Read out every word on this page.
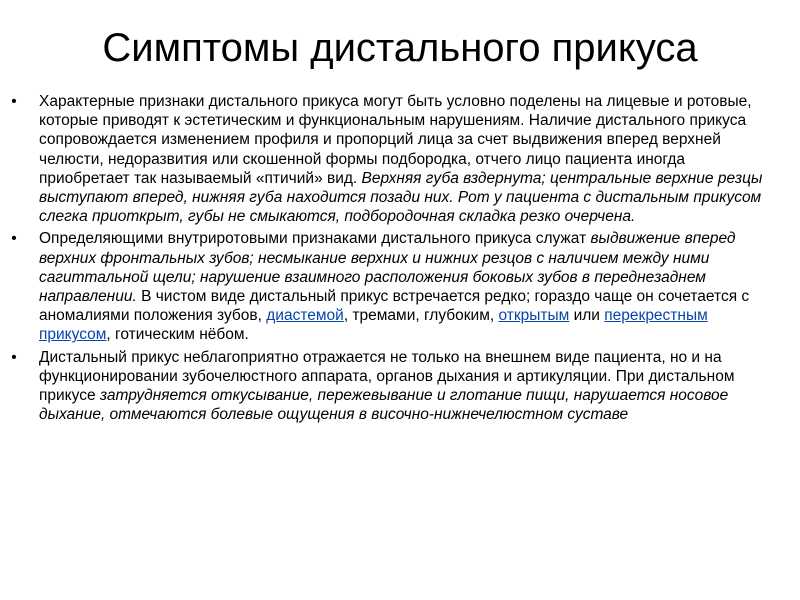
Симптомы дистального прикуса
• Характерные признаки дистального прикуса могут быть условно поделены на лицевые и ротовые, которые приводят к эстетическим и функциональным нарушениям. Наличие дистального прикуса сопровождается изменением профиля и пропорций лица за счет выдвижения вперед верхней челюсти, недоразвития или скошенной формы подбородка, отчего лицо пациента иногда приобретает так называемый «птичий» вид. Верхняя губа вздернута; центральные верхние резцы выступают вперед, нижняя губа находится позади них. Рот у пациента с дистальным прикусом слегка приоткрыт, губы не смыкаются, подбородочная складка резко очерчена.
• Определяющими внутриротовыми признаками дистального прикуса служат выдвижение вперед верхних фронтальных зубов; несмыкание верхних и нижних резцов с наличием между ними сагиттальной щели; нарушение взаимного расположения боковых зубов в переднезаднем направлении. В чистом виде дистальный прикус встречается редко; гораздо чаще он сочетается с аномалиями положения зубов, диастемой, тремами, глубоким, открытым или перекрестным прикусом, готическим нёбом.
• Дистальный прикус неблагоприятно отражается не только на внешнем виде пациента, но и на функционировании зубочелюстного аппарата, органов дыхания и артикуляции. При дистальном прикусе затрудняется откусывание, пережевывание и глотание пищи, нарушается носовое дыхание, отмечаются болевые ощущения в височно-нижнечелюстном суставе
